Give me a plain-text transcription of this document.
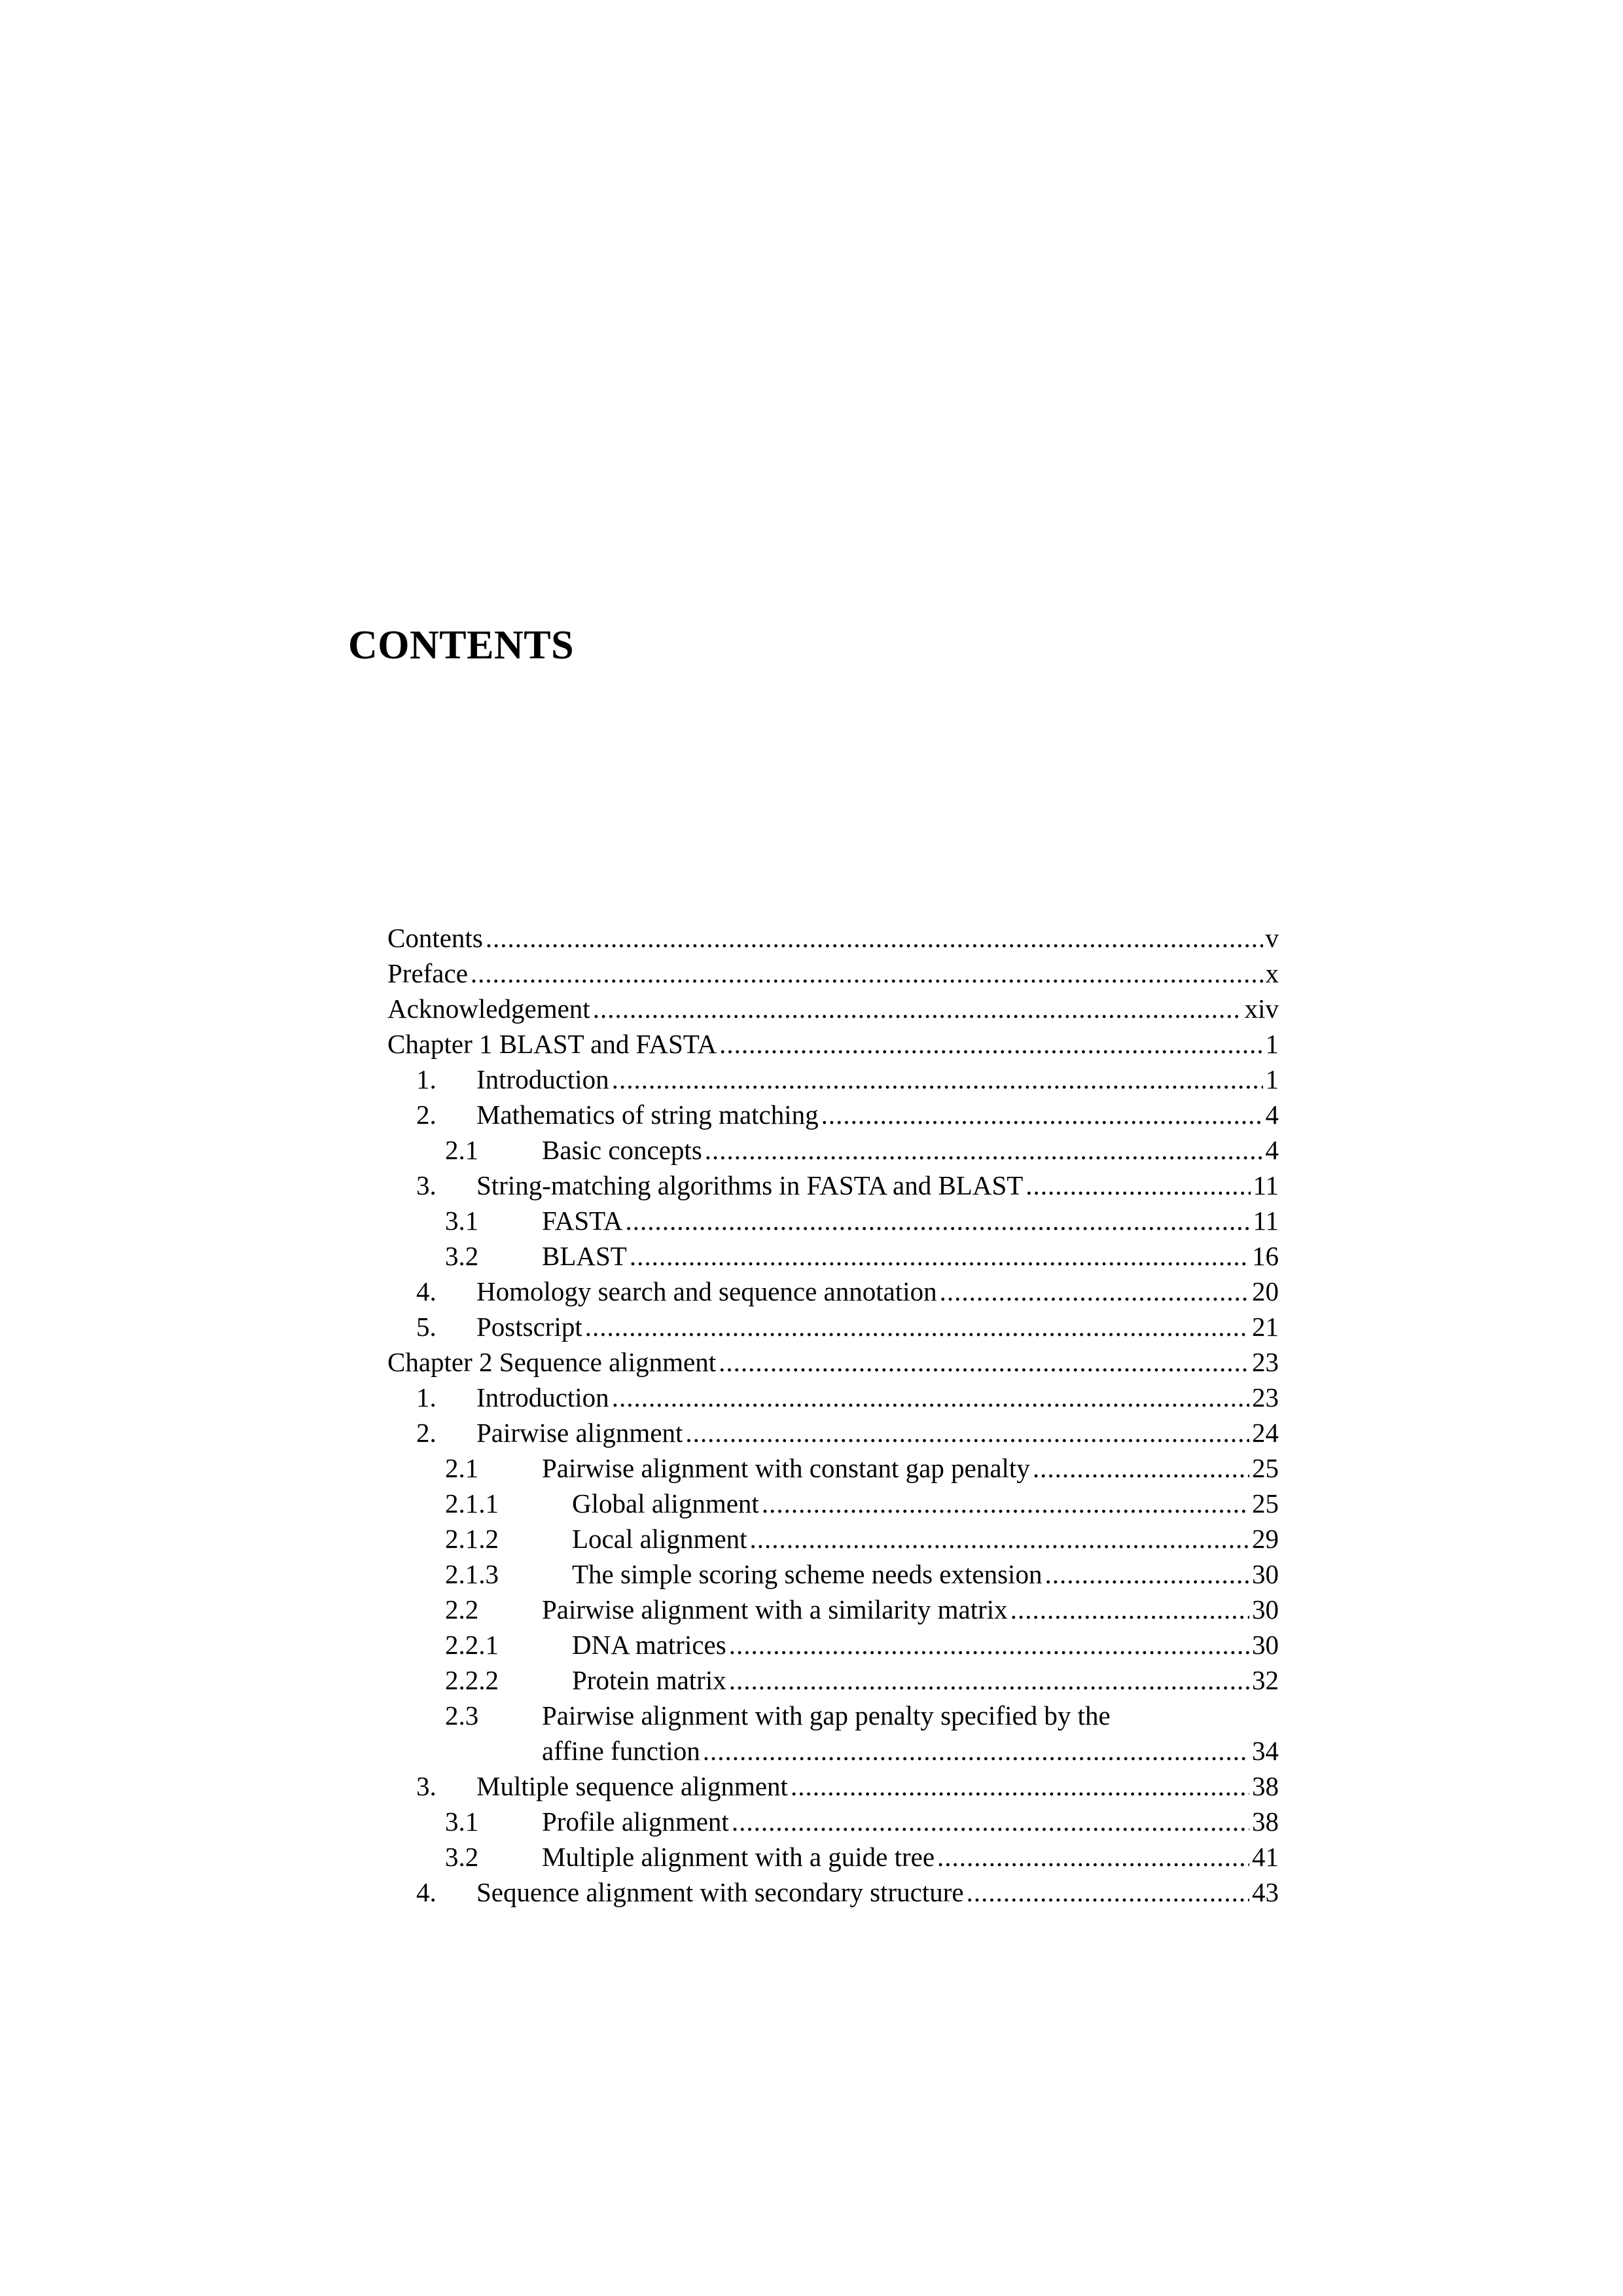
CONTENTS
Contents .....	v
Preface .....	x
Acknowledgement .....	xiv
Chapter 1 BLAST and FASTA .....	1
1.	Introduction .....	1
2.	Mathematics of string matching .....	4
2.1	Basic concepts .....	4
3.	String-matching algorithms in FASTA and BLAST .....	11
3.1	FASTA .....	11
3.2	BLAST .....	16
4.	Homology search and sequence annotation .....	20
5.	Postscript .....	21
Chapter 2 Sequence alignment .....	23
1.	Introduction .....	23
2.	Pairwise alignment .....	24
2.1	Pairwise alignment with constant gap penalty .....	25
2.1.1	Global alignment .....	25
2.1.2	Local alignment .....	29
2.1.3	The simple scoring scheme needs extension .....	30
2.2	Pairwise alignment with a similarity matrix .....	30
2.2.1	DNA matrices .....	30
2.2.2	Protein matrix .....	32
2.3	Pairwise alignment with gap penalty specified by the
affine function .....	34
3.	Multiple sequence alignment .....	38
3.1	Profile alignment .....	38
3.2	Multiple alignment with a guide tree .....	41
4.	Sequence alignment with secondary structure .....	43
